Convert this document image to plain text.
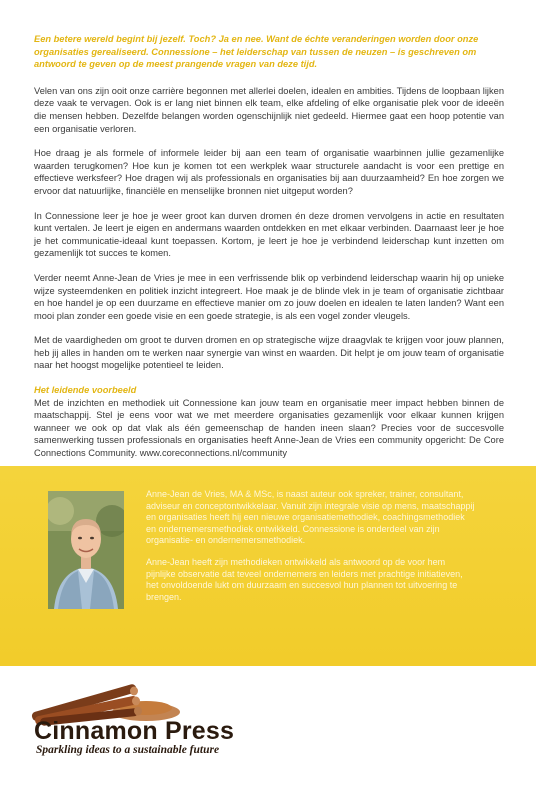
Een betere wereld begint bij jezelf. Toch? Ja en nee. Want de échte veranderingen worden door onze organisaties gerealiseerd. Connessione – het leiderschap van tussen de neuzen – is geschreven om antwoord te geven op de meest prangende vragen van deze tijd.

Velen van ons zijn ooit onze carrière begonnen met allerlei doelen, idealen en ambities. Tijdens de loopbaan lijken deze vaak te vervagen. Ook is er lang niet binnen elk team, elke afdeling of elke organisatie plek voor de ideeën die mensen hebben. Dezelfde belangen worden ogenschijnlijk niet gedeeld. Hiermee gaat een hoop potentie van een organisatie verloren.

Hoe draag je als formele of informele leider bij aan een team of organisatie waarbinnen jullie gezamenlijke waarden terugkomen? Hoe kun je komen tot een werkplek waar structurele aandacht is voor een prettige en effectieve werksfeer? Hoe dragen wij als professionals en organisaties bij aan duurzaamheid? En hoe zorgen we ervoor dat natuurlijke, financiële en menselijke bronnen niet uitgeput worden?

In Connessione leer je hoe je weer groot kan durven dromen én deze dromen vervolgens in actie en resultaten kunt vertalen. Je leert je eigen en andermans waarden ontdekken en met elkaar verbinden. Daarnaast leer je hoe je het communicatie-ideaal kunt toepassen. Kortom, je leert je hoe je verbindend leiderschap kunt inzetten om gezamenlijk tot succes te komen.

Verder neemt Anne-Jean de Vries je mee in een verfrissende blik op verbindend leiderschap waarin hij op unieke wijze systeemdenken en politiek inzicht integreert. Hoe maak je de blinde vlek in je team of organisatie zichtbaar en hoe handel je op een duurzame en effectieve manier om zo jouw doelen en idealen te laten landen? Want een mooi plan zonder een goede visie en een goede strategie, is als een vogel zonder vleugels.

Met de vaardigheden om groot te durven dromen en op strategische wijze draagvlak te krijgen voor jouw plannen, heb jij alles in handen om te werken naar synergie van winst en waarden. Dit helpt je om jouw team of organisatie naar het hoogst mogelijke potentieel te leiden.

Het leidende voorbeeld

Met de inzichten en methodiek uit Connessione kan jouw team en organisatie meer impact hebben binnen de maatschappij. Stel je eens voor wat we met meerdere organisaties gezamenlijk voor elkaar kunnen krijgen wanneer we ook op dat vlak als één gemeenschap de handen ineen slaan? Precies voor de succesvolle samenwerking tussen professionals en organisaties heeft Anne-Jean de Vries een community opgericht: De Core Connections Community. www.coreconnections.nl/community

Anne-Jean de Vries, MA & MSc, is naast auteur ook spreker, trainer, consultant, adviseur en conceptontwikkelaar. Vanuit zijn integrale visie op mens, maatschappij en organisaties heeft hij een nieuwe organisatiemethodiek, coachingsmethodiek en ondernemersmethodiek ontwikkeld. Connessione is onderdeel van zijn organisatie- en ondernemersmethodiek.

Anne-Jean heeft zijn methodieken ontwikkeld als antwoord op de voor hem pijnlijke observatie dat teveel ondernemers en leiders met prachtige initiatieven, het onvoldoende lukt om duurzaam en succesvol hun plannen tot uitvoering te brengen.

Cinnamon Press
Sparkling ideas to a sustainable future
